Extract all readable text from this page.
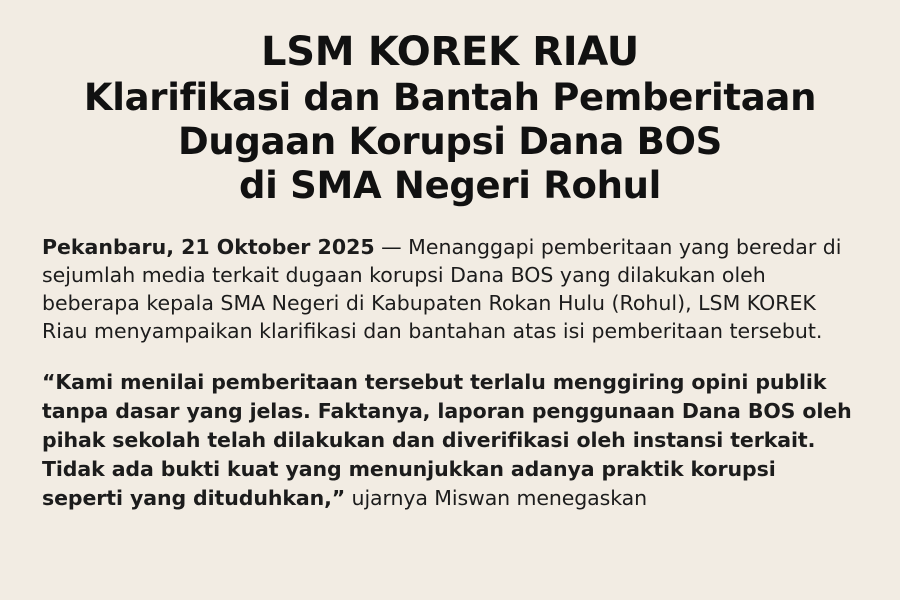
LSM KOREK RIAU
Klarifikasi dan Bantah Pemberitaan
Dugaan Korupsi Dana BOS
di SMA Negeri Rohul

Pekanbaru, 21 Oktober 2025 — Menanggapi pemberitaan yang beredar di sejumlah media terkait dugaan korupsi Dana BOS yang dilakukan oleh beberapa kepala SMA Negeri di Kabupaten Rokan Hulu (Rohul), LSM KOREK Riau menyampaikan klarifikasi dan bantahan atas isi pemberitaan tersebut.

“Kami menilai pemberitaan tersebut terlalu menggiring opini publik tanpa dasar yang jelas. Faktanya, laporan penggunaan Dana BOS oleh pihak sekolah telah dilakukan dan diverifikasi oleh instansi terkait. Tidak ada bukti kuat yang menunjukkan adanya praktik korupsi seperti yang dituduhkan,” ujarnya Miswan menegaskan
